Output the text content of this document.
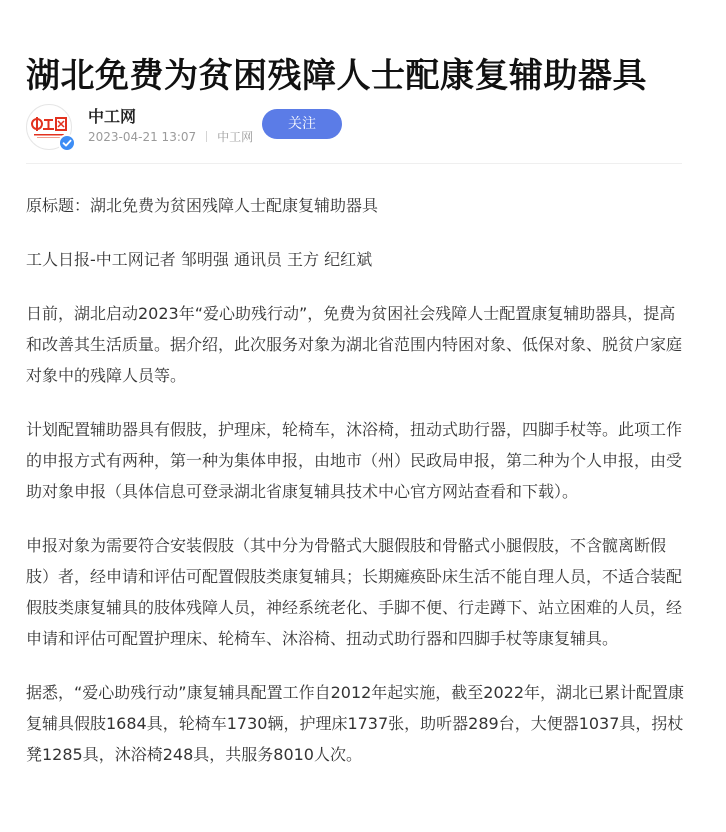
湖北免费为贫困残障人士配康复辅助器具
中工网
2023-04-21 13:07 中工网
关注

原标题：湖北免费为贫困残障人士配康复辅助器具

工人日报-中工网记者 邹明强 通讯员 王方 纪红斌

日前，湖北启动2023年“爱心助残行动”，免费为贫困社会残障人士配置康复辅助器具，提高和改善其生活质量。据介绍，此次服务对象为湖北省范围内特困对象、低保对象、脱贫户家庭对象中的残障人员等。

计划配置辅助器具有假肢，护理床，轮椅车，沐浴椅，扭动式助行器，四脚手杖等。此项工作的申报方式有两种，第一种为集体申报，由地市（州）民政局申报，第二种为个人申报，由受助对象申报（具体信息可登录湖北省康复辅具技术中心官方网站查看和下载）。

申报对象为需要符合安装假肢（其中分为骨骼式大腿假肢和骨骼式小腿假肢，不含髋离断假肢）者，经申请和评估可配置假肢类康复辅具；长期瘫痪卧床生活不能自理人员，不适合装配假肢类康复辅具的肢体残障人员，神经系统老化、手脚不便、行走蹲下、站立困难的人员，经申请和评估可配置护理床、轮椅车、沐浴椅、扭动式助行器和四脚手杖等康复辅具。

据悉，“爱心助残行动”康复辅具配置工作自2012年起实施，截至2022年，湖北已累计配置康复辅具假肢1684具，轮椅车1730辆，护理床1737张，助听器289台，大便器1037具，拐杖凳1285具，沐浴椅248具，共服务8010人次。
